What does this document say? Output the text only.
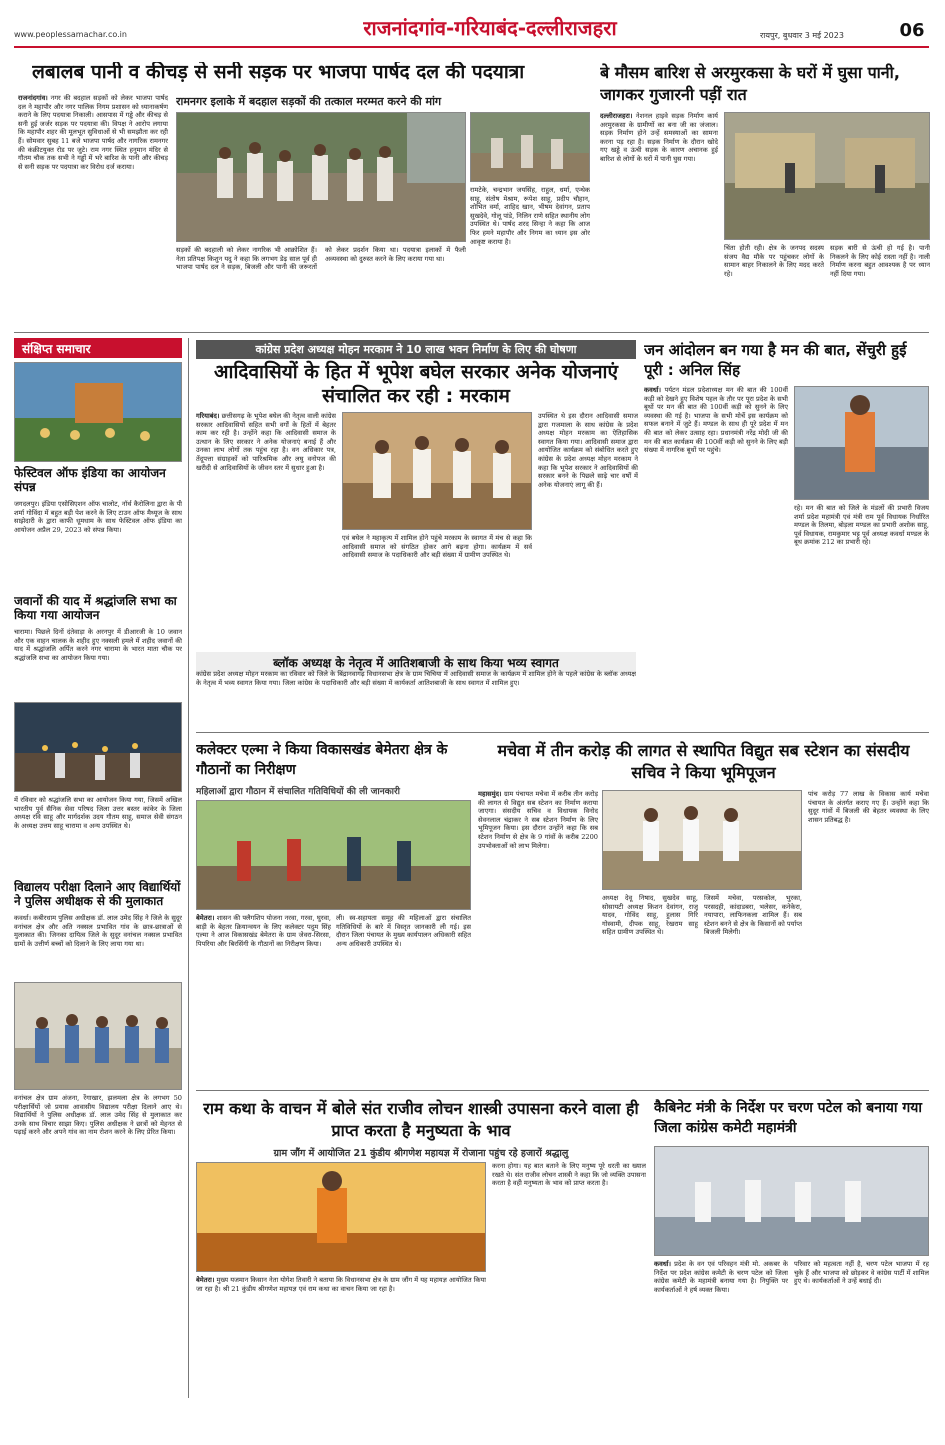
www.peoplessamachar.co.in	राजनांदगांव-गरियाबंद-दल्लीराजहरा	रायपुर, बुधवार 3 मई 2023	06
लबालब पानी व कीचड़ से सनी सड़क पर भाजपा पार्षद दल की पदयात्रा
रामनगर इलाके में बदहाल सड़कों की तत्काल मरम्मत करने की मांग
राजनांदगांव। नगर की बदहाल सड़कों को लेकर भाजपा पार्षद दल ने महापौर और नगर पालिक निगम प्रशासन को ध्यानाकर्षण कराने के लिए पदयात्रा निकाली। आसपास में गड्ढे और कीचड़ से सनी हुई जर्जर सड़क पर पदयात्रा की। विपक्ष ने आरोप लगाया कि महापौर शहर की मूलभूत सुविधाओं से भी समझौता कर रही हैं। सोमवार सुबह 11 बजे भाजपा पार्षद और नागरिक रामनगर की कंक्रीटयुक्त रोड पर जुटे। राम नगर स्थित हनुमान मंदिर से गौतम चौक तक सभी ने गड्ढों में भरे बारिश के पानी और कीचड़ से सनी सड़क पर पदयात्रा कर विरोध दर्ज कराया।
रामटेके, चन्द्रभान जयसिंह, राहुल, धर्मा, एन्थेक साहू, संतोष मेश्राम, रूपेश साहू, प्रदीप चौहान, शोभित वर्मा, शाहिद खान, भीषम देवांगन, प्रताप सुखदेवे, गोलू पांडे, निलिन राणे सहित स्थानीय लोग उपस्थित थे। पार्षद शरद सिन्हा ने कहा कि आज फिर हमने महापौर और निगम का ध्यान इस ओर आकृष्ट कराया है।
सड़कों की बदहाली को लेकर नागरिक भी आक्रोशित हैं। नेता प्रतिपक्ष किशुन यदु ने कहा कि लगभग डेढ़ साल पूर्व ही भाजपा पार्षद दल ने सड़क, बिजली और पानी की जरूरतों को लेकर प्रदर्शन किया था। पदयात्रा इलाकों में फैली अव्यवस्था को दुरुस्त करने के लिए कराया गया था।
बे मौसम बारिश से अरमुरकसा के घरों में घुसा पानी, जागकर गुजारनी पड़ीं रात
दल्लीराजहरा। नेशनल हाइवे सड़क निर्माण कार्य अरमुरकसा के ग्रामीणों का बना जी का जंजाल। सड़क निर्माण होने उन्हें समस्याओं का सामना करना पड़ रहा है। सड़क निर्माण के दौरान खोदे गए खड्डे व ऊंची सड़क के कारण अचानक हुई बारिश से लोगों के घरों में पानी घुस गया।
चिंता होती रही। क्षेत्र के जनपद सदस्य संजय वैद्य मौके पर पहुंचकर लोगों के सामान बाहर निकालने के लिए मदद करते रहे।
सड़क बारी से ऊंची हो गई है। पानी निकलने के लिए कोई रास्ता नहीं है। नाली निर्माण करना बहुत आवश्यक है पर ध्यान नहीं दिया गया।
संक्षिप्त समाचार
फेस्टिवल ऑफ इंडिया का आयोजन संपन्न
जगदलपुर। इंडिया एसोसिएशन ऑफ चालोट, नॉर्थ कैरोलिना द्वारा के पी शर्मा गोविंदा में बहुत बड़ी पेश करने के लिए टाउन ऑफ मैथ्यूज के साथ साझेदारी के द्वारा काफी धूमधाम के साथ फेस्टिवल ऑफ इंडिया का आयोजन अप्रैल 29, 2023 को संपन्न किया।
जवानों की याद में श्रद्धांजलि सभा का किया गया आयोजन
चारामा। पिछले दिनों दंतेवाड़ा के अरनपुर में डीआरजी के 10 जवान और एक वाहन चालक के शहीद हुए नक्सली हमले में शहीद जवानों की याद में श्रद्धांजलि अर्पित करने नगर चारामा के भारत माता चौक पर श्रद्धांजलि सभा का आयोजन किया गया।
में रविवार को श्रद्धांजलि सभा का आयोजन किया गया, जिसमें अखिल भारतीय पूर्व सैनिक सेवा परिषद जिला उत्तर बस्तर कांकेर के जिला अध्यक्ष रवि साहू और मार्गदर्शक उदय गौतम साहू, समाज सेवी संगठन के अध्यक्ष उत्तम साहू चारामा व अन्य उपस्थित थे।
विद्यालय परीक्षा दिलाने आए विद्यार्थियों ने पुलिस अधीक्षक से की मुलाकात
कवर्धा। कबीरधाम पुलिस अधीक्षक डॉ. लाल उमेद सिंह ने जिले के सुदूर वनांचल क्षेत्र और अति नक्सल प्रभावित गांव के छात्र-छात्राओं से मुलाकात की। जिनका दायित्व जिले के सुदूर वनांचल नक्सल प्रभावित ग्रामों के उत्तीर्ण बच्चों को दिलाने के लिए लाया गया था।
वनांचल क्षेत्र ग्राम अंजना, रेंगाखार, झलमला क्षेत्र के लगभग 50 परीक्षार्थियों जो प्रयास आवासीय विद्यालय परीक्षा दिलाने आए थे। विद्यार्थियों ने पुलिस अधीक्षक डॉ. लाल उमेद सिंह से मुलाकात कर उनके साथ विचार साझा किए। पुलिस अधीक्षक ने छात्रों को मेहनत से पढ़ाई करने और अपने गांव का नाम रोशन करने के लिए प्रेरित किया।
कांग्रेस प्रदेश अध्यक्ष मोहन मरकाम ने 10 लाख भवन निर्माण के लिए की घोषणा
आदिवासियों के हित में भूपेश बघेल सरकार अनेक योजनाएं संचालित कर रही : मरकाम
गरियाबंद। छत्तीसगढ़ के भूपेश बघेल की नेतृत्व वाली कांग्रेस सरकार आदिवासियों सहित सभी वर्गों के हितों में बेहतर काम कर रही है। उन्होंने कहा कि आदिवासी समाज के उत्थान के लिए सरकार ने अनेक योजनाएं बनाई हैं और उनका लाभ लोगों तक पहुंच रहा है। वन अधिकार पत्र, तेंदूपत्ता संग्राहकों को पारिश्रमिक और लघु वनोपज की खरीदी से आदिवासियों के जीवन स्तर में सुधार हुआ है।
एवं बघेल ने महाकृत्य में शामिल होने पहुंचे मरकाम के स्वागत में मंच से कहा कि आदिवासी समाज को संगठित होकर आगे बढ़ना होगा। कार्यक्रम में सर्व आदिवासी समाज के पदाधिकारी और बड़ी संख्या में ग्रामीण उपस्थित थे।
उपस्थित थे इस दौरान आदिवासी समाज द्वारा गजमाला के साथ कांग्रेस के प्रदेश अध्यक्ष मोहन मरकाम का ऐतिहासिक स्वागत किया गया। आदिवासी समाज द्वारा आयोजित कार्यक्रम को संबोधित करते हुए कांग्रेस के प्रदेश अध्यक्ष मोहन मरकाम ने कहा कि भूपेश सरकार ने आदिवासियों की सरकार बनने के पिछले साढ़े चार वर्षों में अनेक योजनाएं लागू की हैं।
ब्लॉक अध्यक्ष के नेतृत्व में आतिशबाजी के साथ किया भव्य स्वागत
कांग्रेस प्रदेश अध्यक्ष मोहन मरकाम का रविवार को जिले के बिंद्रानवागढ़ विधानसभा क्षेत्र के ग्राम चिचिया में आदिवासी समाज के कार्यक्रम में शामिल होने के पहले कांग्रेस के ब्लॉक अध्यक्ष के नेतृत्व में भव्य स्वागत किया गया। जिला कांग्रेस के पदाधिकारी और बड़ी संख्या में कार्यकर्ता आतिशबाजी के साथ स्वागत में शामिल हुए।
जन आंदोलन बन गया है मन की बात, सेंचुरी हुई पूरी : अनिल सिंह
कवर्धा। पर्यटन मंडल प्रदेशाध्यक्ष मन की बात की 100वीं कड़ी को देखने हुए विशेष पहल के तौर पर पूरा प्रदेश के सभी बूथों पर मन की बात की 100वीं कड़ी को सुनने के लिए व्यवस्था की गई है। भाजपा के सभी मोर्चे इस कार्यक्रम को सफल बनाने में जुटे हैं। मण्डल के साथ ही पूरे प्रदेश में मन की बात को लेकर उत्साह रहा। प्रधानमंत्री नरेंद्र मोदी जी की मन की बात कार्यक्रम की 100वीं कड़ी को सुनने के लिए बड़ी संख्या में नागरिक बूथों पर पहुंचे।
रहे। मन की बात को जिले के मंडलों की प्रभारी विजय शर्मा प्रदेश महामंत्री एवं मंत्री राम पूर्व विधायक निर्धारित मण्डल के तिलमा, बोड़ला मण्डल का प्रभारी अशोक साहू, पूर्व विधायक, रामकुमार भट्ट पूर्व अध्यक्ष कवर्धा मण्डल के बूथ क्रमांक 212 का प्रभारी रहे।
कलेक्टर एल्मा ने किया विकासखंड बेमेतरा क्षेत्र के गौठानों का निरीक्षण
महिलाओं द्वारा गौठान में संचालित गतिविधियों की ली जानकारी
बेमेतरा। शासन की फ्लैगशिप योजना नरवा, गरवा, घुरवा, बाड़ी के बेहतर क्रियान्वयन के लिए कलेक्टर पदुम सिंह एल्मा ने आज विकासखंड बेमेतरा के ग्राम जेवरा-सिरसा, पिपरिया और बिरसिंगी के गौठानों का निरीक्षण किया।
ली। स्व-सहायता समूह की महिलाओं द्वारा संचालित गतिविधियों के बारे में विस्तृत जानकारी ली गई। इस दौरान जिला पंचायत के मुख्य कार्यपालन अधिकारी सहित अन्य अधिकारी उपस्थित थे।
मचेवा में तीन करोड़ की लागत से स्थापित विद्युत सब स्टेशन का संसदीय सचिव ने किया भूमिपूजन
महासमुंद। ग्राम पंचायत मचेवा में करीब तीन करोड़ की लागत से विद्युत सब स्टेशन का निर्माण कराया जाएगा। संसदीय सचिव व विधायक विनोद सेवनलाल चंद्राकर ने सब स्टेशन निर्माण के लिए भूमिपूजन किया। इस दौरान उन्होंने कहा कि सब स्टेशन निर्माण से क्षेत्र के 9 गांवों के करीब 2200 उपभोक्ताओं को लाभ मिलेगा।
अध्यक्ष देवू निषाद, सुखदेव साहू, सोसायटी अध्यक्ष किशन देवांगन, राजू यादव, गोविंद साहू, हुलास गिरि गोस्वामी, दीपक साहू, रेखराम साहू सहित ग्रामीण उपस्थित थे।
जिसमें मचेवा, परसकोल, भुरका, परसदही, कांदाडबरा, भलेसर, कनेकेरा, नयापारा, लाफिनकला शामिल हैं। सब स्टेशन बनने से क्षेत्र के किसानों को पर्याप्त बिजली मिलेगी।
पांच करोड़ 77 लाख के विकास कार्य मचेवा पंचायत के अंतर्गत कराए गए हैं। उन्होंने कहा कि सुदूर गांवों में बिजली की बेहतर व्यवस्था के लिए शासन प्रतिबद्ध है।
राम कथा के वाचन में बोले संत राजीव लोचन शास्त्री उपासना करने वाला ही प्राप्त करता है मनुष्यता के भाव
ग्राम जौंग में आयोजित 21 कुंडीय श्रीगणेश महायज्ञ में रोजाना पहुंच रहे हजारों श्रद्धालु
बेमेतरा। मुख्य यजमान किसान नेता योगेश तिवारी ने बताया कि विधानसभा क्षेत्र के ग्राम जौंग में यह महायज्ञ आयोजित किया जा रहा है। श्री 21 कुंडीय श्रीगणेश महायज्ञ एवं राम कथा का वाचन किया जा रहा है।
करना होगा। यह बात बताने के लिए मनुष्य पूरे धरती का ख्याल रखते थे। संत राजीव लोचन शास्त्री ने कहा कि जो व्यक्ति उपासना करता है वही मनुष्यता के भाव को प्राप्त करता है।
कैबिनेट मंत्री के निर्देश पर चरण पटेल को बनाया गया जिला कांग्रेस कमेटी महामंत्री
कवर्धा। प्रदेश के वन एवं परिवहन मंत्री मो. अकबर के निर्देश पर प्रदेश कांग्रेस कमेटी के चरण पटेल को जिला कांग्रेस कमेटी के महामंत्री बनाया गया है। नियुक्ति पर कार्यकर्ताओं ने हर्ष व्यक्त किया।
परिवार को महत्वता नहीं है, चरण पटेल भाजपा में रह चुके हैं और भाजपा को छोड़कर वे कांग्रेस पार्टी में शामिल हुए थे। कार्यकर्ताओं ने उन्हें बधाई दी।
